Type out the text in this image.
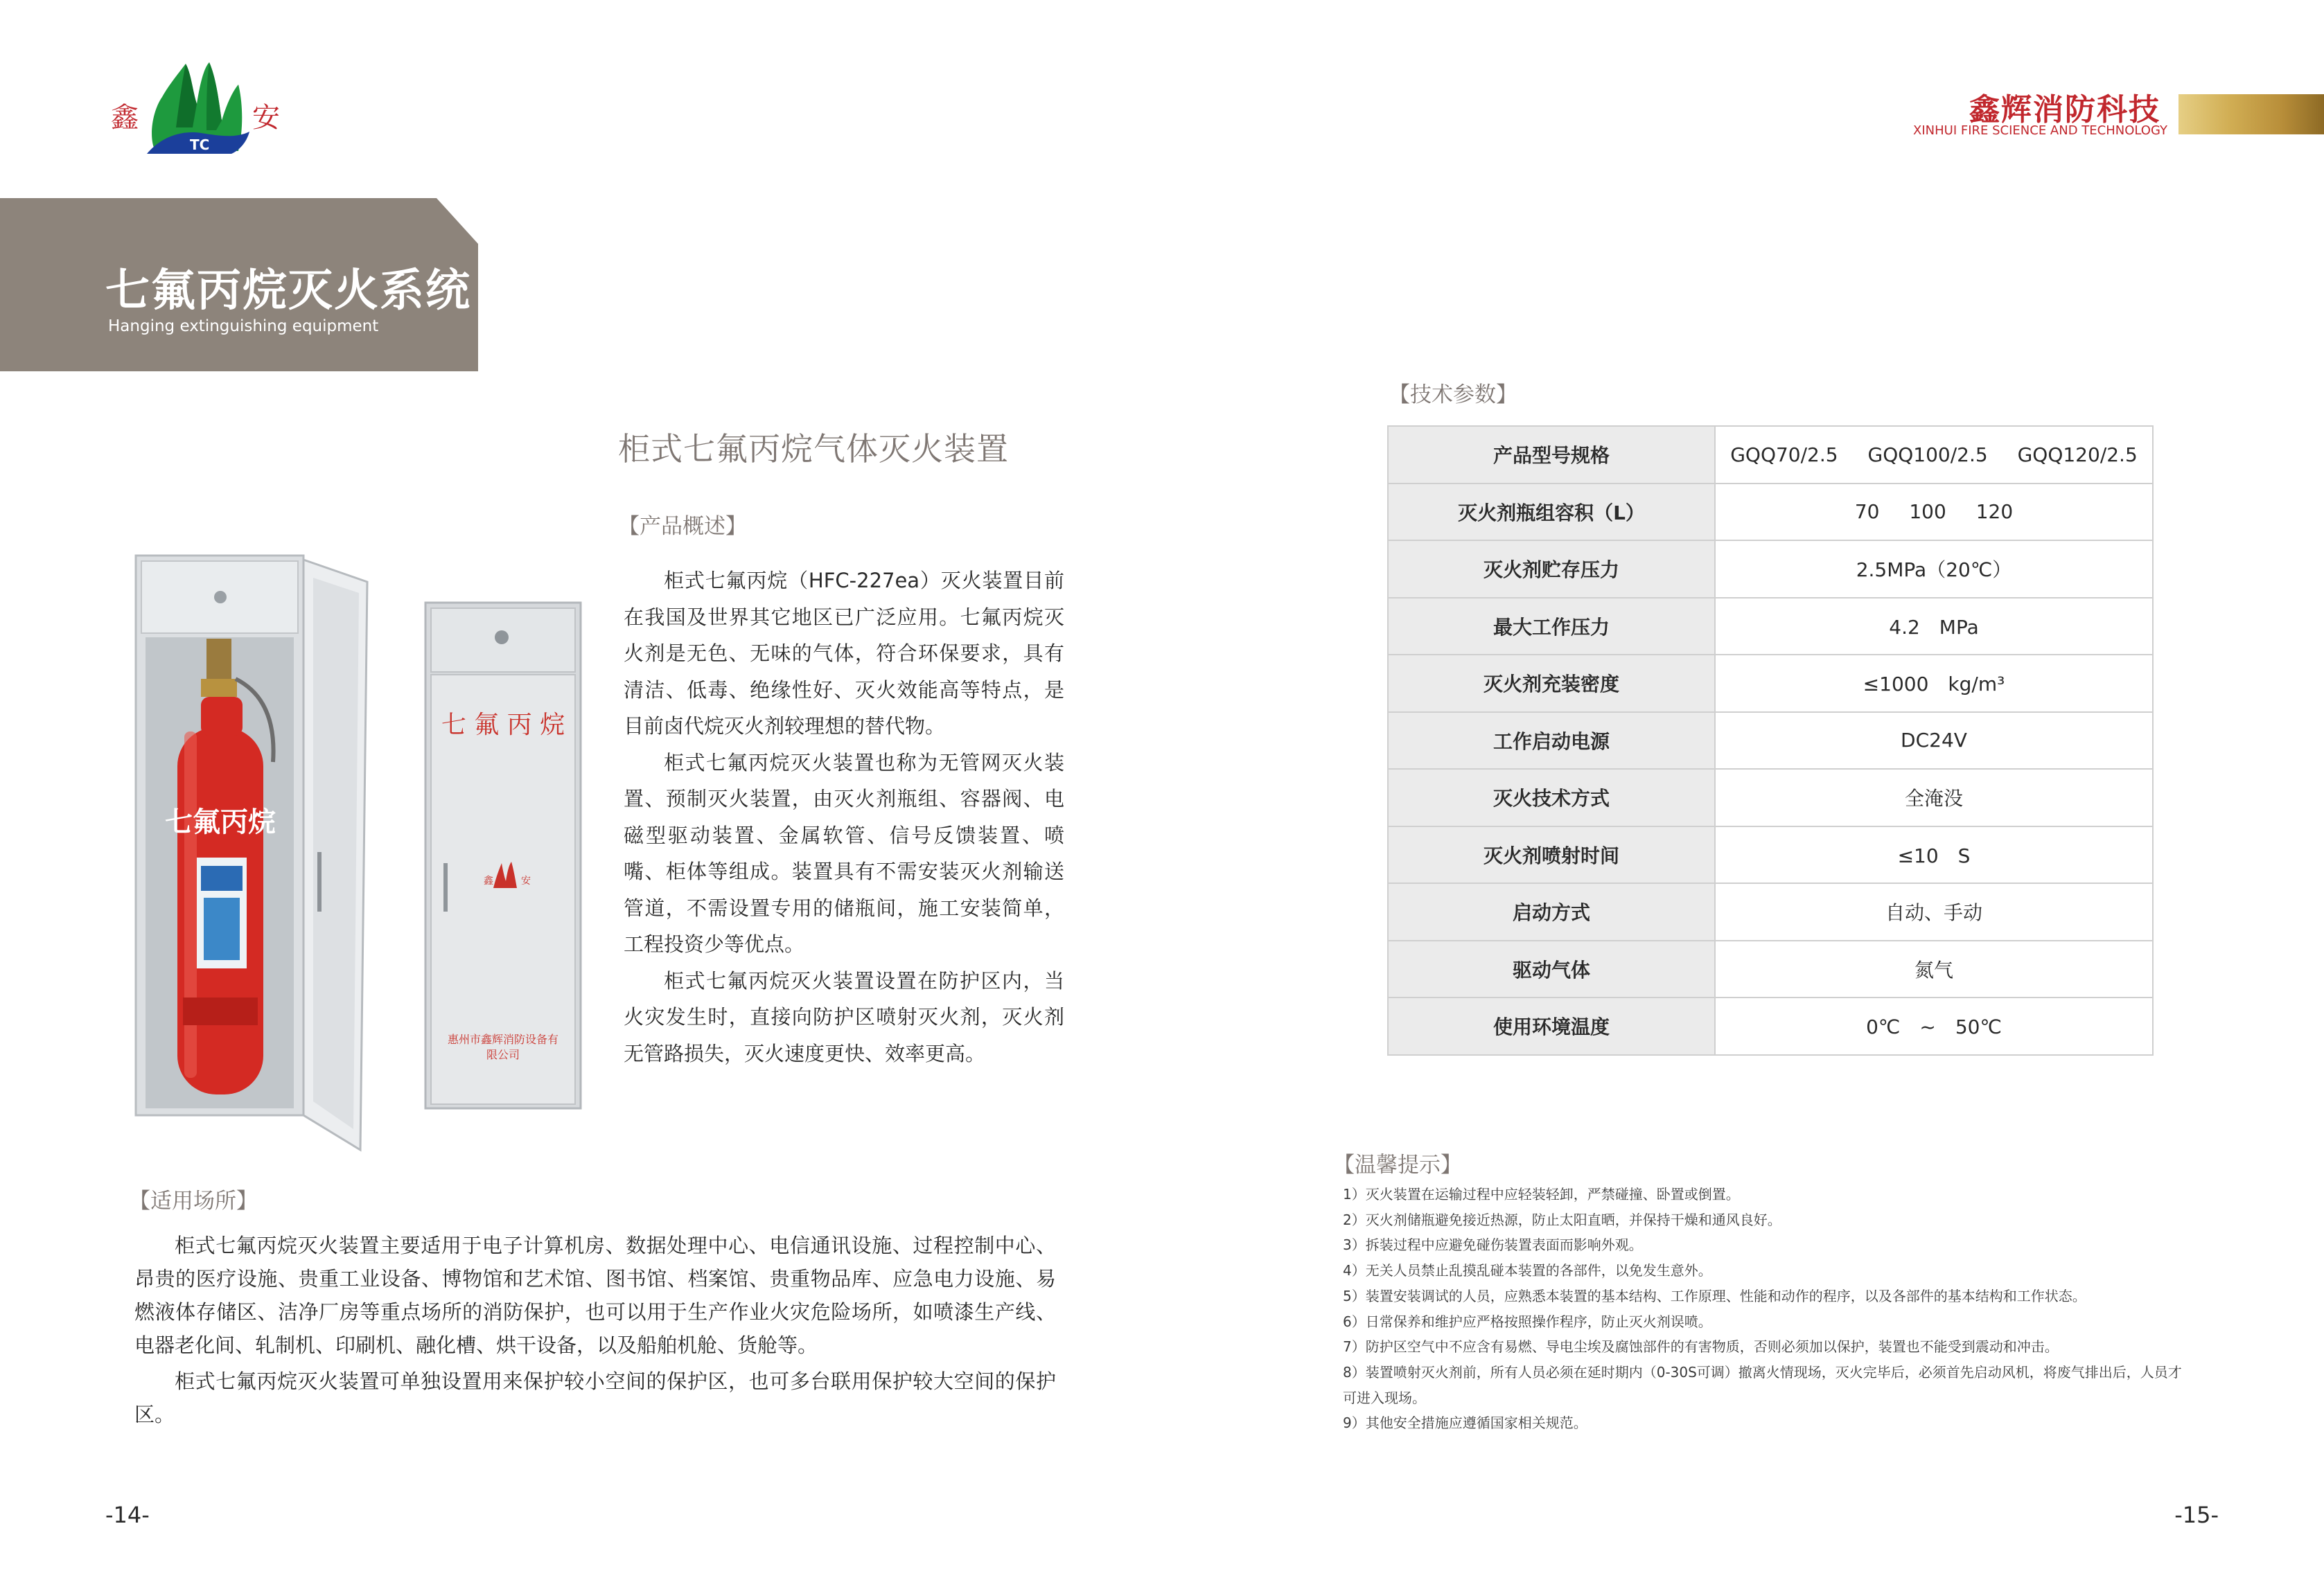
鑫
TC
安	鑫辉消防科技
XINHUI FIRE SCIENCE AND TECHNOLOGY
七氟丙烷灭火系统
Hanging extinguishing equipment
柜式七氟丙烷气体灭火装置
【产品概述】

柜式七氟丙烷（HFC-227ea）灭火装置目前在我国及世界其它地区已广泛应用。七氟丙烷灭火剂是无色、无味的气体，符合环保要求，具有清洁、低毒、绝缘性好、灭火效能高等特点，是目前卤代烷灭火剂较理想的替代物。

柜式七氟丙烷灭火装置也称为无管网灭火装置、预制灭火装置，由灭火剂瓶组、容器阀、电磁型驱动装置、金属软管、信号反馈装置、喷嘴、柜体等组成。装置具有不需安装灭火剂输送管道，不需设置专用的储瓶间，施工安装简单，工程投资少等优点。

柜式七氟丙烷灭火装置设置在防护区内，当火灾发生时，直接向防护区喷射灭火剂，灭火剂无管路损失，灭火速度更快、效率更高。

七氟丙烷
七 氟 丙 烷
鑫	安
惠州市鑫辉消防设备有限公司
【适用场所】

柜式七氟丙烷灭火装置主要适用于电子计算机房、数据处理中心、电信通讯设施、过程控制中心、昂贵的医疗设施、贵重工业设备、博物馆和艺术馆、图书馆、档案馆、贵重物品库、应急电力设施、易燃液体存储区、洁净厂房等重点场所的消防保护，也可以用于生产作业火灾危险场所，如喷漆生产线、电器老化间、轧制机、印刷机、融化槽、烘干设备，以及船舶机舱、货舱等。

柜式七氟丙烷灭火装置可单独设置用来保护较小空间的保护区，也可多台联用保护较大空间的保护区。

【技术参数】
产品型号规格	GQQ70/2.5 GQQ100/2.5 GQQ120/2.5
灭火剂瓶组容积（L）	70 100 120
灭火剂贮存压力	2.5MPa（20℃）
最大工作压力	4.2　MPa
灭火剂充装密度	≤1000　kg/m³
工作启动电源	DC24V
灭火技术方式	全淹没
灭火剂喷射时间	≤10　S
启动方式	自动、手动
驱动气体	氮气
使用环境温度	0℃　~　50℃
【温馨提示】
1）灭火装置在运输过程中应轻装轻卸，严禁碰撞、卧置或倒置。
2）灭火剂储瓶避免接近热源，防止太阳直晒，并保持干燥和通风良好。
3）拆装过程中应避免碰伤装置表面而影响外观。
4）无关人员禁止乱摸乱碰本装置的各部件，以免发生意外。
5）装置安装调试的人员，应熟悉本装置的基本结构、工作原理、性能和动作的程序，以及各部件的基本结构和工作状态。
6）日常保养和维护应严格按照操作程序，防止灭火剂误喷。
7）防护区空气中不应含有易燃、导电尘埃及腐蚀部件的有害物质，否则必须加以保护，装置也不能受到震动和冲击。
8）装置喷射灭火剂前，所有人员必须在延时期内（0-30S可调）撤离火情现场，灭火完毕后，必须首先启动风机，将废气排出后，人员才可进入现场。
9）其他安全措施应遵循国家相关规范。
-14-	-15-
